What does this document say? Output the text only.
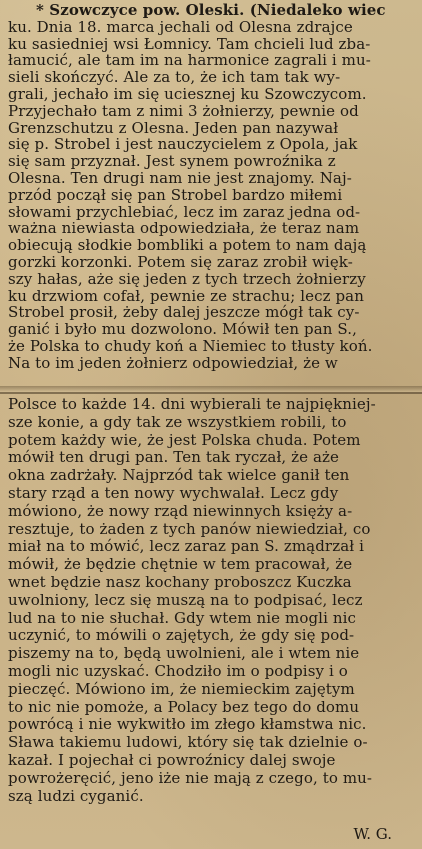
* Szowczyce pow. Oleski. (Niedaleko wiec
ku. Dnia 18. marca jechali od Olesna zdrajce
ku sasiedniej wsi Łomnicy. Tam chcieli lud zba-
łamucić, ale tam im na harmonice zagrali i mu-
sieli skończyć. Ale za to, że ich tam tak wy-
grali, jechało im się uciesznej ku Szowczycom.
Przyjechało tam z nimi 3 żołnierzy, pewnie od
Grenzschutzu z Olesna. Jeden pan nazywał
się p. Strobel i jest nauczycielem z Opola, jak
się sam przyznał. Jest synem powroźnika z
Olesna. Ten drugi nam nie jest znajomy. Naj-
przód począł się pan Strobel bardzo miłemi
słowami przychlebiać, lecz im zaraz jedna od-
ważna niewiasta odpowiedziała, że teraz nam
obiecują słodkie bombliki a potem to nam dają
gorzki korzonki. Potem się zaraz zrobił więk-
szy hałas, aże się jeden z tych trzech żołnierzy
ku drzwiom cofał, pewnie ze strachu; lecz pan
Strobel prosił, żeby dalej jeszcze mógł tak cy-
ganić i było mu dozwolono. Mówił ten pan S.,
że Polska to chudy koń a Niemiec to tłusty koń.
Na to im jeden żołnierz odpowiedział, że w
Polsce to każde 14. dni wybierali te najpiękniej-
sze konie, a gdy tak ze wszystkiem robili, to
potem każdy wie, że jest Polska chuda. Potem
mówił ten drugi pan. Ten tak ryczał, że aże
okna zadrżały. Najprzód tak wielce ganił ten
stary rząd a ten nowy wychwalał. Lecz gdy
mówiono, że nowy rząd niewinnych księży a-
resztuje, to żaden z tych panów niewiedział, co
miał na to mówić, lecz zaraz pan S. zmądrzał i
mówił, że będzie chętnie w tem pracował, że
wnet będzie nasz kochany proboszcz Kuczka
uwolniony, lecz się muszą na to podpisać, lecz
lud na to nie słuchał. Gdy wtem nie mogli nic
uczynić, to mówili o zajętych, że gdy się pod-
piszemy na to, będą uwolnieni, ale i wtem nie
mogli nic uzyskać. Chodziło im o podpisy i o
pieczęć. Mówiono im, że niemieckim zajętym
to nic nie pomoże, a Polacy bez tego do domu
powrócą i nie wykwitło im złego kłamstwa nic.
Sława takiemu ludowi, który się tak dzielnie o-
kazał. I pojechał ci powroźnicy dalej swoje
powrożeręcić, jeno iże nie mają z czego, to mu-
szą ludzi cyganić.
W. G.
